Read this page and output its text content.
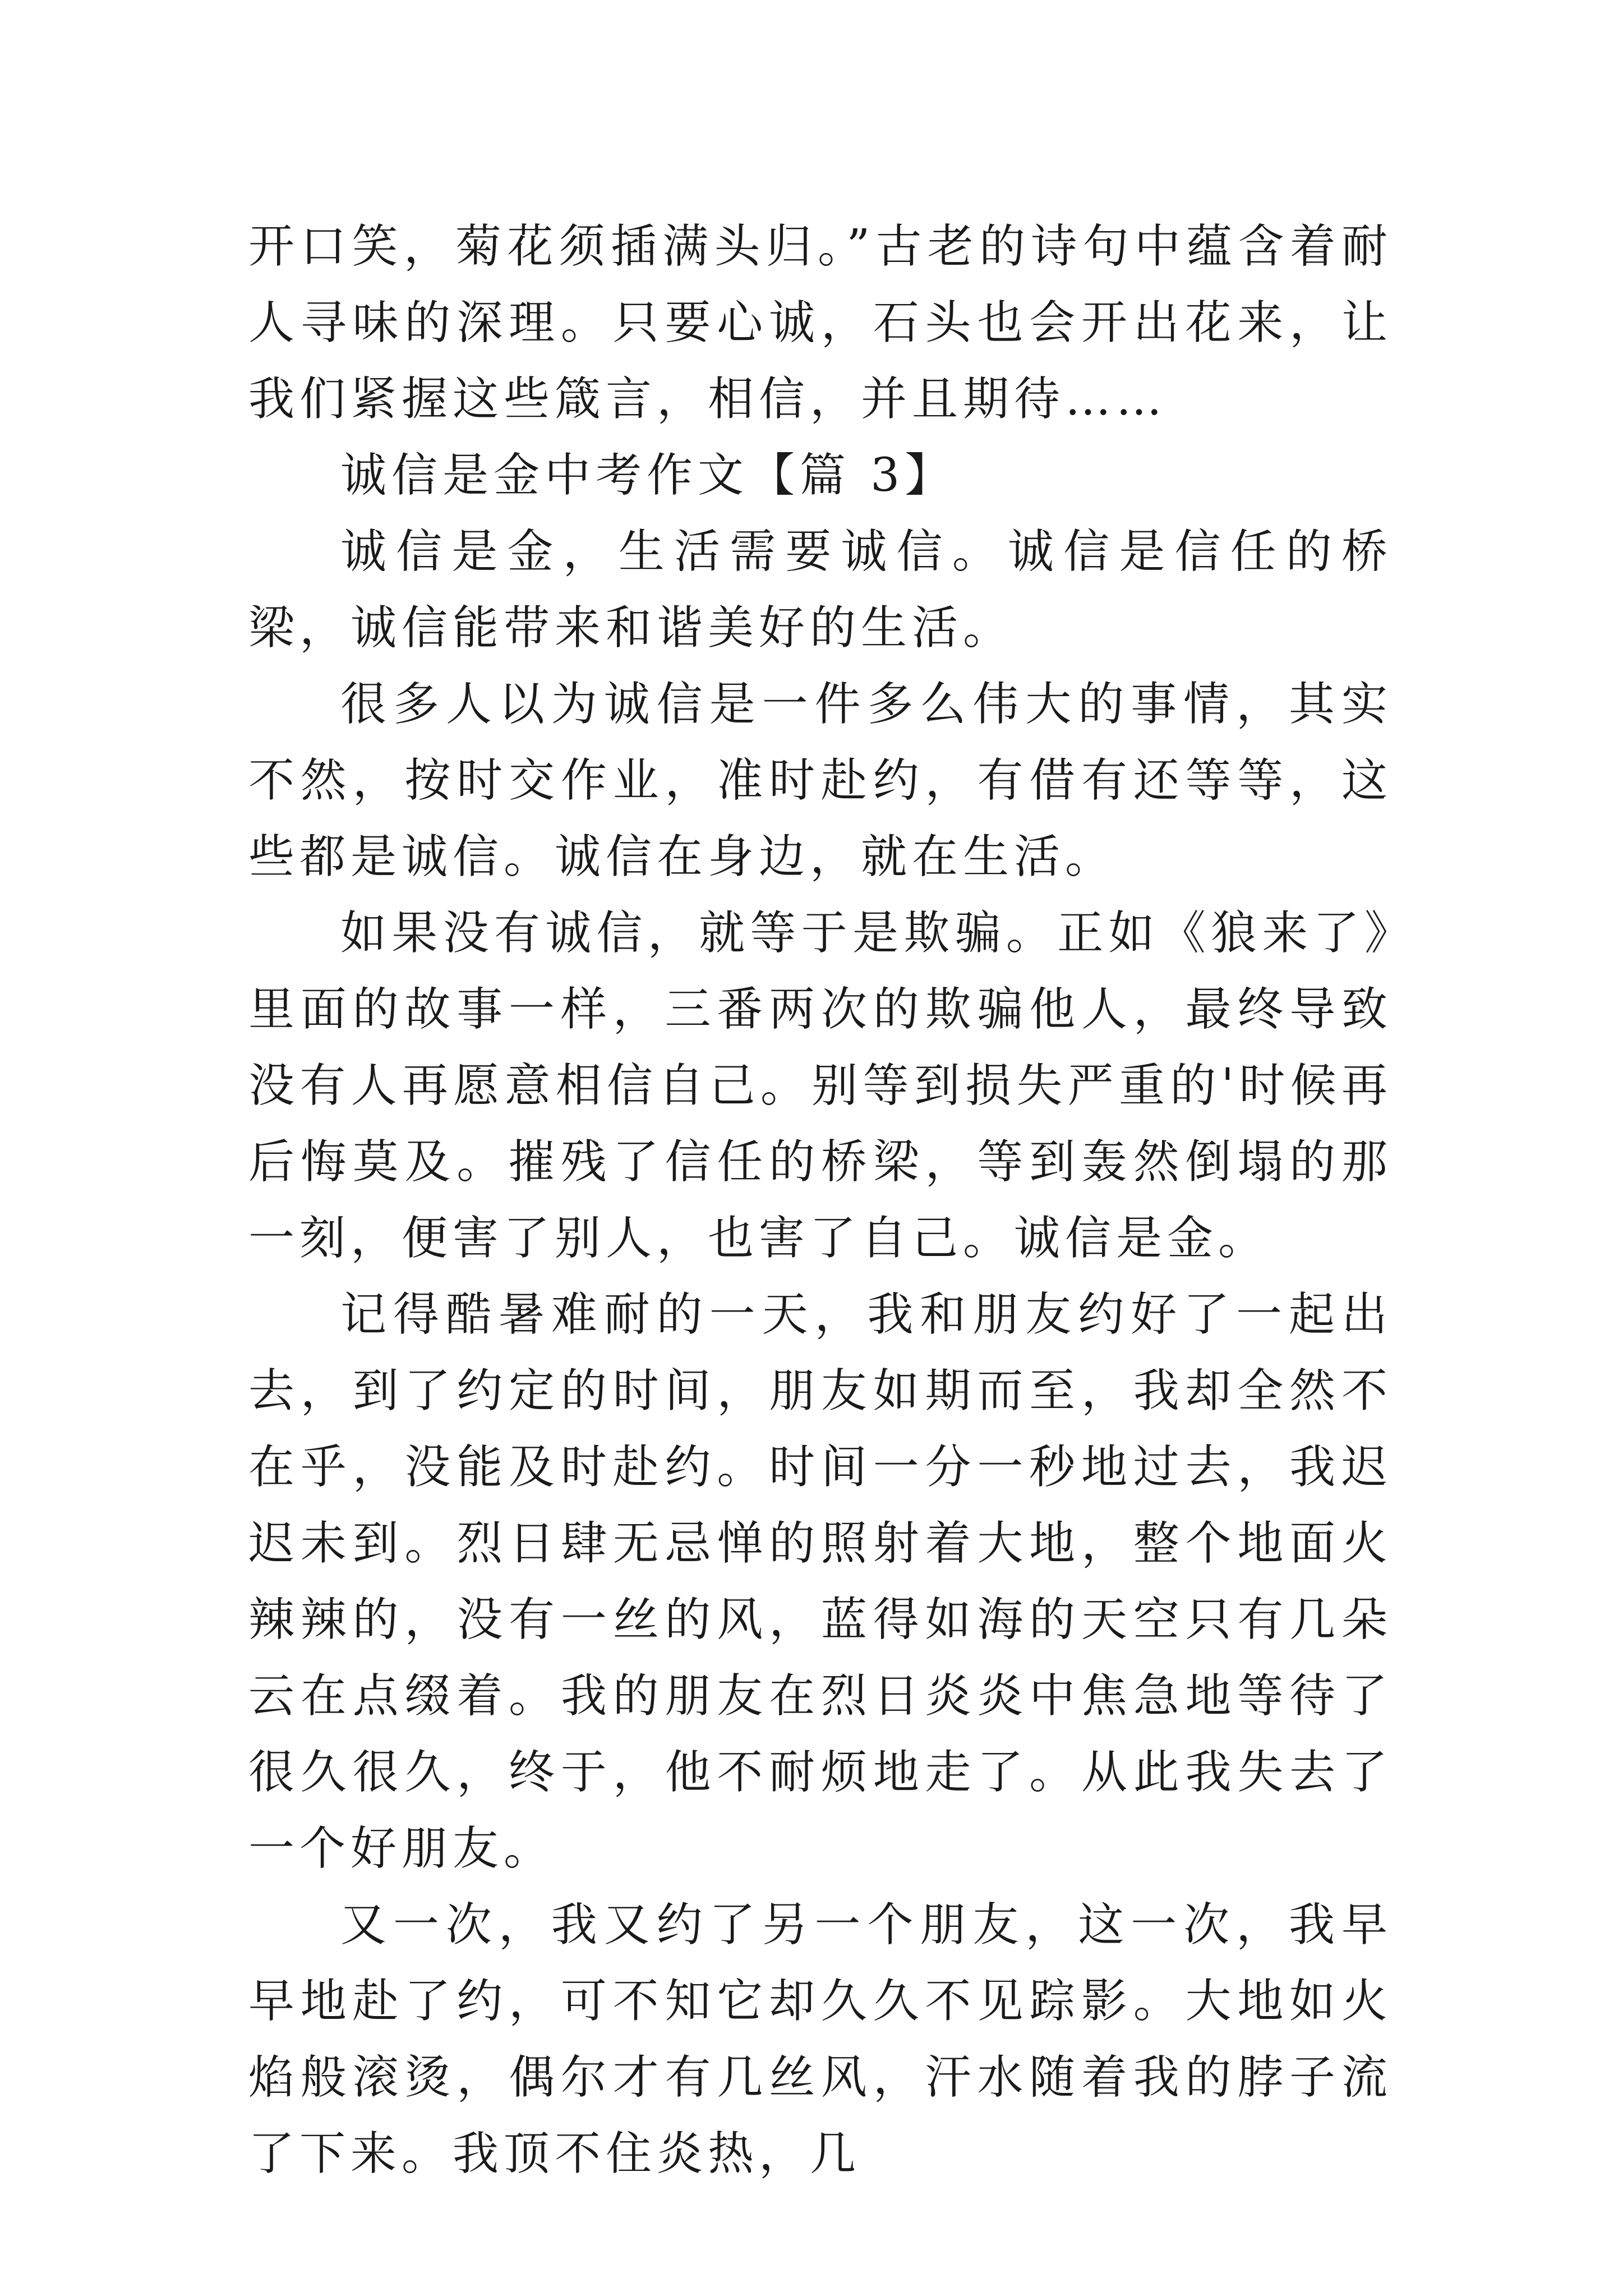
开口笑，菊花须插满头归。”古老的诗句中蕴含着耐人寻味的深理。只要心诚，石头也会开出花来，让我们紧握这些箴言，相信，并且期待……

诚信是金中考作文【篇 3】

诚信是金，生活需要诚信。诚信是信任的桥梁，诚信能带来和谐美好的生活。

很多人以为诚信是一件多么伟大的事情，其实不然，按时交作业，准时赴约，有借有还等等，这些都是诚信。诚信在身边，就在生活。

如果没有诚信，就等于是欺骗。正如《狼来了》里面的故事一样，三番两次的欺骗他人，最终导致没有人再愿意相信自己。别等到损失严重的'时候再后悔莫及。摧残了信任的桥梁，等到轰然倒塌的那一刻，便害了别人，也害了自己。诚信是金。

记得酷暑难耐的一天，我和朋友约好了一起出去，到了约定的时间，朋友如期而至，我却全然不在乎，没能及时赴约。时间一分一秒地过去，我迟迟未到。烈日肆无忌惮的照射着大地，整个地面火辣辣的，没有一丝的风，蓝得如海的天空只有几朵云在点缀着。我的朋友在烈日炎炎中焦急地等待了很久很久，终于，他不耐烦地走了。从此我失去了一个好朋友。

又一次，我又约了另一个朋友，这一次，我早早地赴了约，可不知它却久久不见踪影。大地如火焰般滚烫，偶尔才有几丝风，汗水随着我的脖子流了下来。我顶不住炎热，几
